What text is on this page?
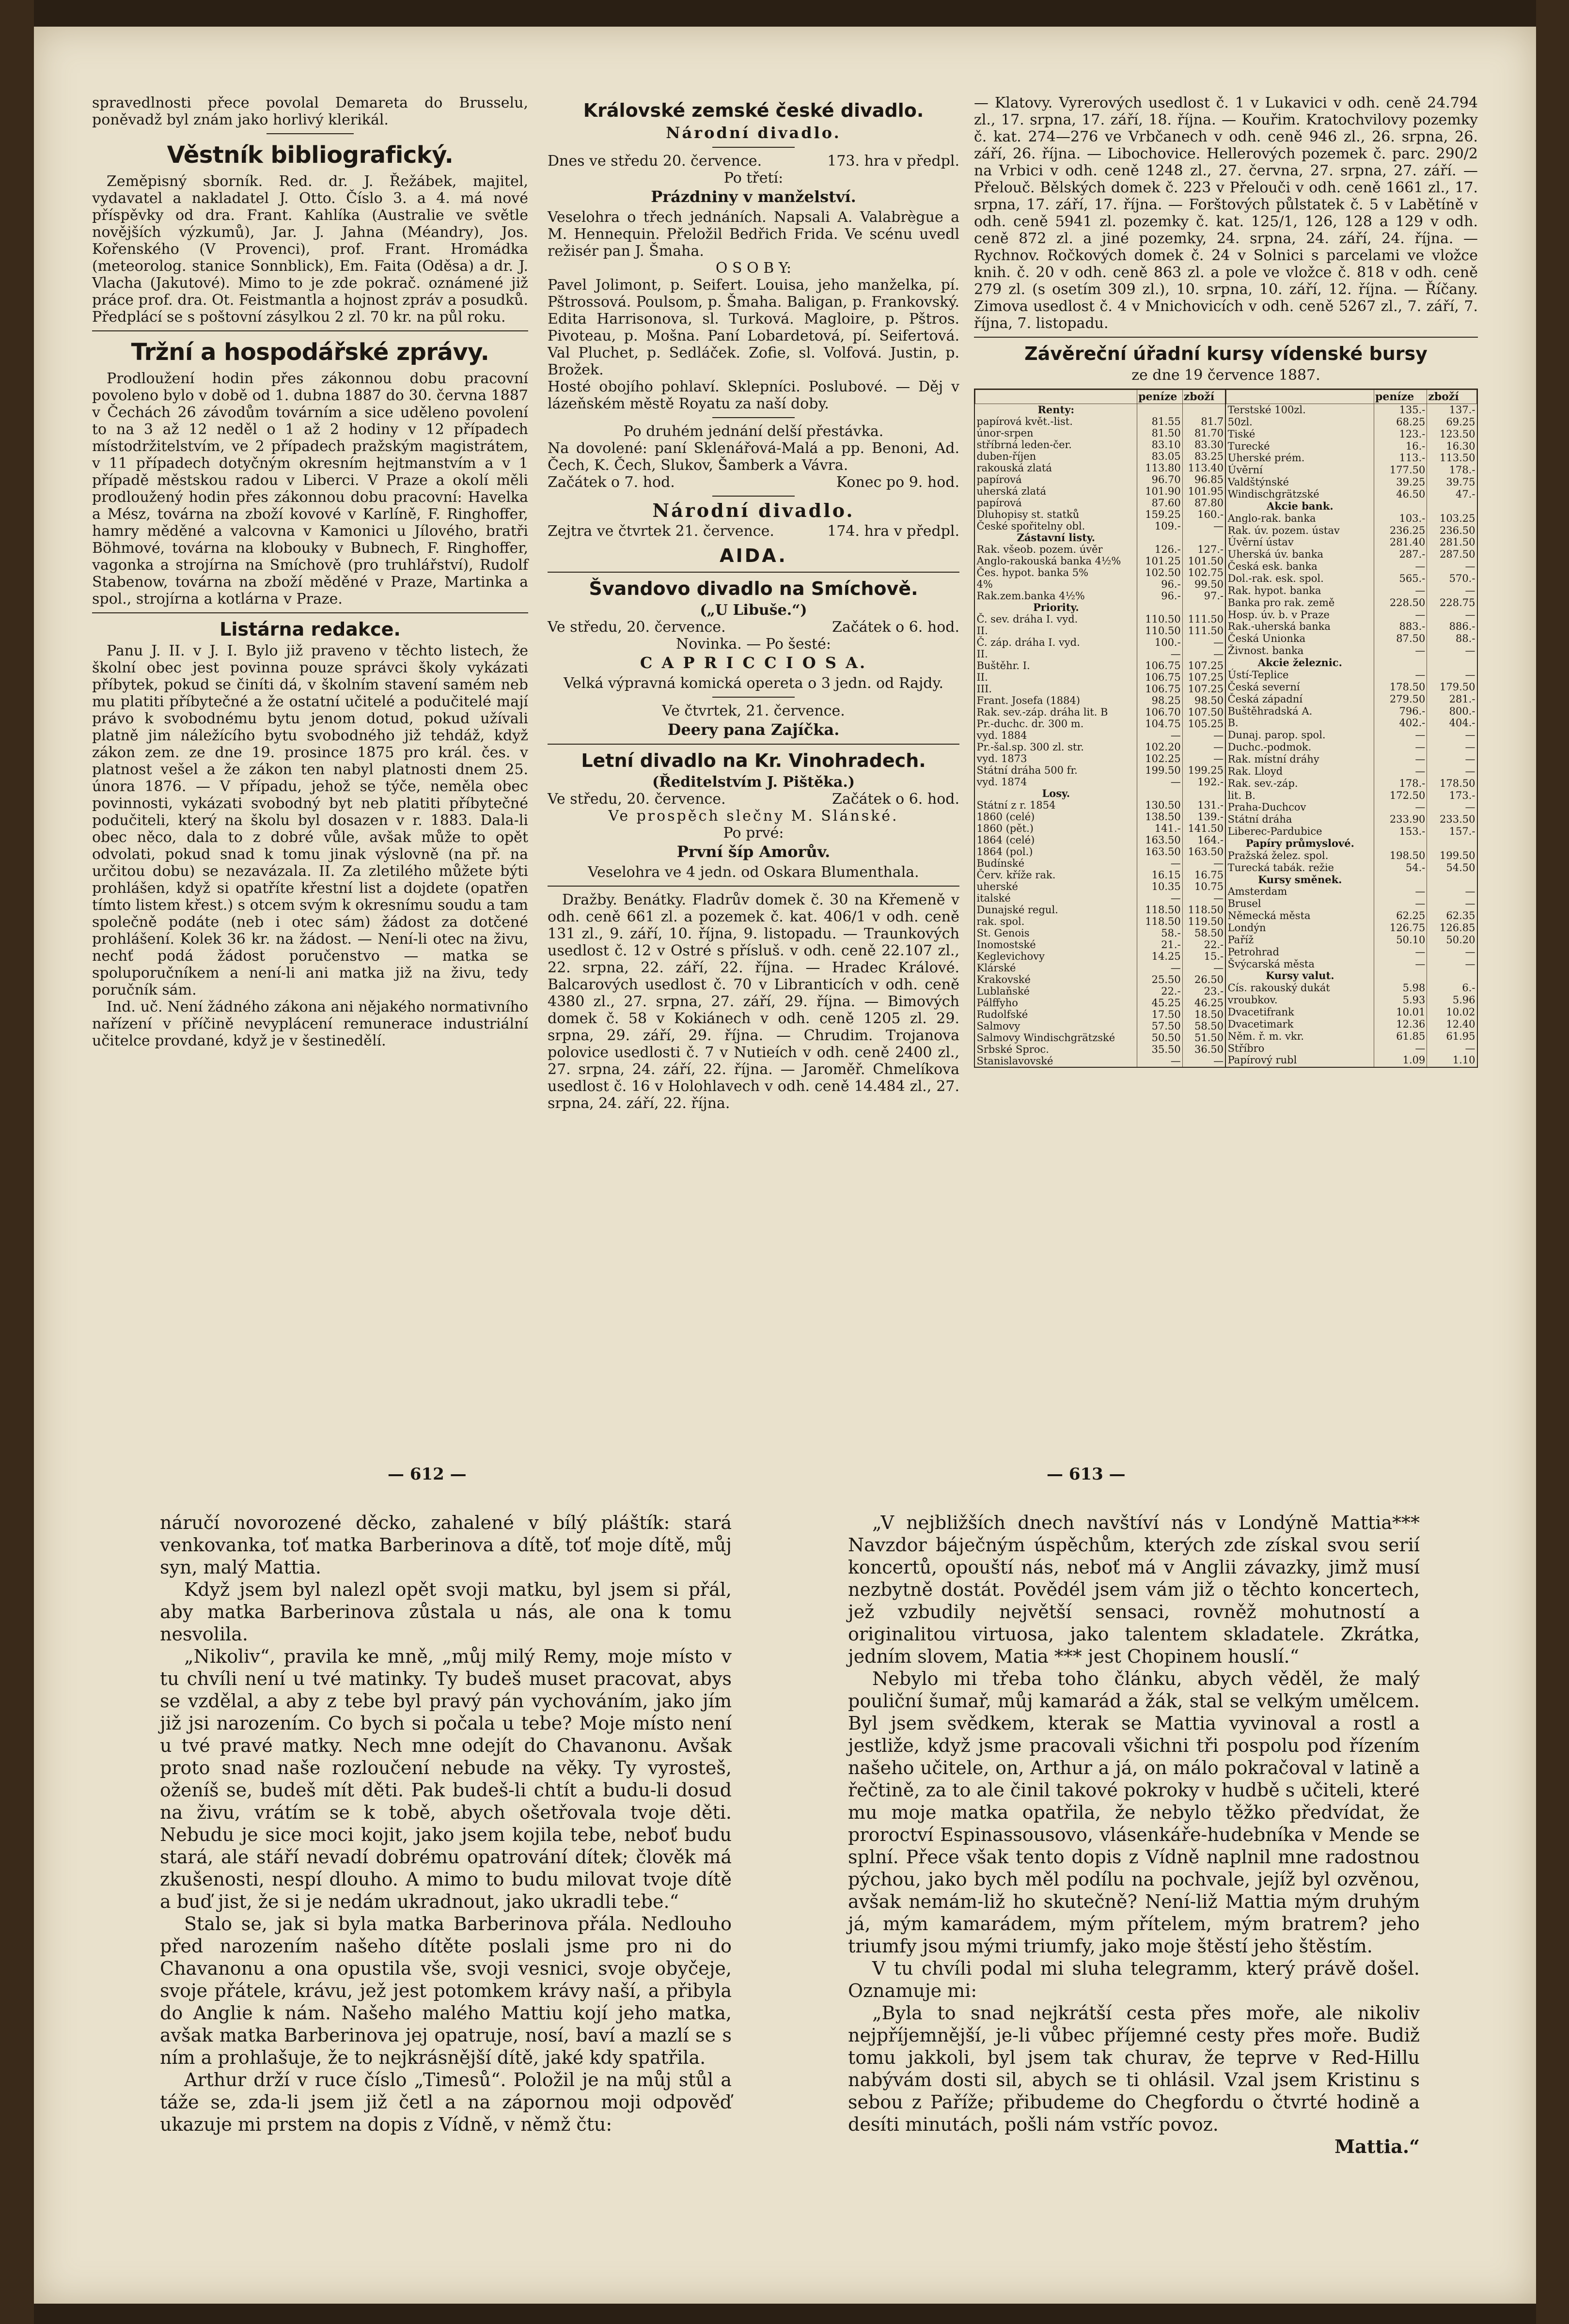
spravedlnosti přece povolal Demareta do Brusselu, poněvadž byl znám jako horlivý klerikál.

Věstník bibliografický.

Zeměpisný sborník. Red. dr. J. Řežábek, majitel, vydavatel a nakladatel J. Otto. Číslo 3. a 4. má nové příspěvky od dra. Frant. Kahlíka (Australie ve světle novějších výzkumů), Jar. J. Jahna (Méandry), Jos. Kořenského (V Provenci), prof. Frant. Hromádka (meteorolog. stanice Sonnblick), Em. Faita (Oděsa) a dr. J. Vlacha (Jakutové). Mimo to je zde pokrač. oznámené již práce prof. dra. Ot. Feistmantla a hojnost zpráv a posudků. Předplácí se s poštovní zásylkou 2 zl. 70 kr. na půl roku.

Tržní a hospodářské zprávy.

Prodloužení hodin přes zákonnou dobu pracovní povoleno bylo v době od 1. dubna 1887 do 30. června 1887 v Čechách 26 závodům továrním a sice uděleno povolení to na 3 až 12 neděl o 1 až 2 hodiny v 12 případech místodržitelstvím, ve 2 případech pražským magistrátem, v 11 případech dotyčným okresním hejtmanstvím a v 1 případě městskou radou v Liberci. V Praze a okolí měli prodloužený hodin přes zákonnou dobu pracovní: Havelka a Mész, továrna na zboží kovové v Karlíně, F. Ringhoffer, hamry měděné a valcovna v Kamonici u Jílového, bratři Böhmové, továrna na klobouky v Bubnech, F. Ringhoffer, vagonka a strojírna na Smíchově (pro truhlářství), Rudolf Stabenow, továrna na zboží měděné v Praze, Martinka a spol., strojírna a kotlárna v Praze.

Listárna redakce.

Panu J. II. v J. I. Bylo již praveno v těchto listech, že školní obec jest povinna pouze správci školy vykázati příbytek, pokud se činíti dá, v školním stavení samém neb mu platiti příbytečné a že ostatní učitelé a podučitelé mají právo k svobodnému bytu jenom dotud, pokud užívali platně jim náležícího bytu svobodného již tehdáž, když zákon zem. ze dne 19. prosince 1875 pro král. čes. v platnost vešel a že zákon ten nabyl platnosti dnem 25. února 1876. — V případu, jehož se týče, neměla obec povinnosti, vykázati svobodný byt neb platiti příbytečné podučiteli, který na školu byl dosazen v r. 1883. Dala-li obec něco, dala to z dobré vůle, avšak může to opět odvolati, pokud snad k tomu jinak výslovně (na př. na určitou dobu) se nezavázala. II. Za zletilého můžete býti prohlášen, když si opatříte křestní list a dojdete (opatřen tímto listem křest.) s otcem svým k okresnímu soudu a tam společně podáte (neb i otec sám) žádost za dotčené prohlášení. Kolek 36 kr. na žádost. — Není-li otec na živu, nechť podá žádost poručenstvo — matka se spoluporučníkem a není-li ani matka již na živu, tedy poručník sám.

Ind. uč. Není žádného zákona ani nějakého normativního nařízení v příčině nevyplácení remunerace industriální učitelce provdané, když je v šestinedělí.

Královské zemské české divadlo.
Národní divadlo.
Dnes ve středu 20. července.	173. hra v předpl.
Po třetí:
Prázdniny v manželství.

Veselohra o třech jednáních. Napsali A. Valabrègue a M. Hennequin. Přeložil Bedřich Frida. Ve scénu uvedl režisér pan J. Šmaha.

O S O B Y:

Pavel Jolimont, p. Seifert. Louisa, jeho manželka, pí. Pštrossová. Poulsom, p. Šmaha. Baligan, p. Frankovský. Edita Harrisonova, sl. Turková. Magloire, p. Pštros. Pivoteau, p. Mošna. Paní Lobardetová, pí. Seifertová. Val Pluchet, p. Sedláček. Zofie, sl. Volfová. Justin, p. Brožek.

Hosté obojího pohlaví. Sklepníci. Poslubové. — Děj v lázeňském městě Royatu za naší doby.

Po druhém jednání delší přestávka.

Na dovolené: paní Sklenářová-Malá a pp. Benoni, Ad. Čech, K. Čech, Slukov, Šamberk a Vávra.

Začátek o 7. hod.	Konec po 9. hod.
Národní divadlo.
Zejtra ve čtvrtek 21. července.	174. hra v předpl.
AIDA.
Švandovo divadlo na Smíchově.
(„U Libuše.“)
Ve středu, 20. července.	Začátek o 6. hod.
Novinka. — Po šesté:
C A P R I C C I O S A.
Velká výpravná komická opereta o 3 jedn. od Rajdy.
Ve čtvrtek, 21. července.
Deery pana Zajíčka.
Letní divadlo na Kr. Vinohradech.
(Ředitelstvím J. Pištěka.)
Ve středu, 20. července.	Začátek o 6. hod.
Ve prospěch slečny M. Slánské.
Po prvé:
První šíp Amorův.
Veselohra ve 4 jedn. od Oskara Blumenthala.

Dražby. Benátky. Fladrův domek č. 30 na Křemeně v odh. ceně 661 zl. a pozemek č. kat. 406/1 v odh. ceně 131 zl., 9. září, 10. října, 9. listopadu. — Traunkových usedlost č. 12 v Ostré s přísluš. v odh. ceně 22.107 zl., 22. srpna, 22. září, 22. října. — Hradec Králové. Balcarových usedlost č. 70 v Libranticích v odh. ceně 4380 zl., 27. srpna, 27. září, 29. října. — Bimových domek č. 58 v Kokiánech v odh. ceně 1205 zl. 29. srpna, 29. září, 29. října. — Chrudim. Trojanova polovice usedlosti č. 7 v Nutieích v odh. ceně 2400 zl., 27. srpna, 24. září, 22. října. — Jaroměř. Chmelíkova usedlost č. 16 v Holohlavech v odh. ceně 14.484 zl., 27. srpna, 24. září, 22. října.

— Klatovy. Vyrerových usedlost č. 1 v Lukavici v odh. ceně 24.794 zl., 17. srpna, 17. září, 18. října. — Kouřim. Kratochvilovy pozemky č. kat. 274—276 ve Vrbčanech v odh. ceně 946 zl., 26. srpna, 26. září, 26. října. — Libochovice. Hellerových pozemek č. parc. 290/2 na Vrbici v odh. ceně 1248 zl., 27. června, 27. srpna, 27. září. — Přelouč. Bělských domek č. 223 v Přelouči v odh. ceně 1661 zl., 17. srpna, 17. září, 17. října. — Forštových půlstatek č. 5 v Labětíně v odh. ceně 5941 zl. pozemky č. kat. 125/1, 126, 128 a 129 v odh. ceně 872 zl. a jiné pozemky, 24. srpna, 24. září, 24. října. — Rychnov. Ročkových domek č. 24 v Solnici s parcelami ve vložce knih. č. 20 v odh. ceně 863 zl. a pole ve vložce č. 818 v odh. ceně 279 zl. (s osetím 309 zl.), 10. srpna, 10. září, 12. října. — Říčany. Zimova usedlost č. 4 v Mnichovicích v odh. ceně 5267 zl., 7. září, 7. října, 7. listopadu.

Závěreční úřadní kursy vídenské bursy
ze dne 19 července 1887.
	peníze	zboží
Renty:		
papírová květ.-list.	81.55	81.7
únor-srpen	81.50	81.70
stříbrná leden-čer.	83.10	83.30
duben-říjen	83.05	83.25
rakouská zlatá	113.80	113.40
papírová	96.70	96.85
uherská zlatá	101.90	101.95
papírová	87.60	87.80
Dluhopisy st. statků	159.25	160.-
České spořitelny obl.	109.-	—
Zástavní listy.		
Rak. všeob. pozem. úvěr	126.-	127.-
Anglo-rakouská banka 4½%	101.25	101.50
Čes. hypot. banka 5%	102.50	102.75
4%	96.-	99.50
Rak.zem.banka 4½%	96.-	97.-
Priority.		
Č. sev. dráha I. vyd.	110.50	111.50
II.	110.50	111.50
Č. záp. dráha I. vyd.	100.-	—
II.	—	—
Buštěhr. I.	106.75	107.25
II.	106.75	107.25
III.	106.75	107.25
Frant. Josefa (1884)	98.25	98.50
Rak. sev.-záp. dráha lit. B	106.70	107.50
Pr.-duchc. dr. 300 m.	104.75	105.25
vyd. 1884	—	—
Pr.-šal.sp. 300 zl. str.	102.20	—
vyd. 1873	102.25	—
Státní dráha 500 fr.	199.50	199.25
vyd. 1874	—	192.-
Losy.		
Státní z r. 1854	130.50	131.-
1860 (celé)	138.50	139.-
1860 (pět.)	141.-	141.50
1864 (celé)	163.50	164.-
1864 (pol.)	163.50	163.50
Budínské	—	—
Červ. kříže rak.	16.15	16.75
uherské	10.35	10.75
italské	—	—
Dunajské regul.	118.50	118.50
rak. spol.	118.50	119.50
St. Genois	58.-	58.50
Inomostské	21.-	22.-
Keglevichovy	14.25	15.-
Klárské	—	—
Krakovské	25.50	26.50
Lublaňské	22.-	23.-
Pálffyho	45.25	46.25
Rudolfské	17.50	18.50
Salmovy	57.50	58.50
Salmovy Windischgrätzské	50.50	51.50
Srbské Sproc.	35.50	36.50
Stanislavovské	—	—
	peníze	zboží
Terstské 100zl.	135.-	137.-
50zl.	68.25	69.25
Tiské	123.-	123.50
Turecké	16.-	16.30
Uherské prém.	113.-	113.50
Úvěrní	177.50	178.-
Valdštýnské	39.25	39.75
Windischgrätzské	46.50	47.-
Akcie bank.		
Anglo-rak. banka	103.-	103.25
Rak. úv. pozem. ústav	236.25	236.50
Úvěrní ústav	281.40	281.50
Uherská úv. banka	287.-	287.50
Česká esk. banka	—	—
Dol.-rak. esk. spol.	565.-	570.-
Rak. hypot. banka	—	—
Banka pro rak. země	228.50	228.75
Hosp. úv. b. v Praze	—	—
Rak.-uherská banka	883.-	886.-
Česká Unionka	87.50	88.-
Živnost. banka	—	—
Akcie železnic.		
Ústí-Teplice	—	—
Česká severní	178.50	179.50
Česká západní	279.50	281.-
Buštěhradská A.	796.-	800.-
B.	402.-	404.-
Dunaj. parop. spol.	—	—
Duchc.-podmok.	—	—
Rak. místní dráhy	—	—
Rak. Lloyd	—	—
Rak. sev.-záp.	178.-	178.50
lit. B.	172.50	173.-
Praha-Duchcov	—	—
Státní dráha	233.90	233.50
Liberec-Pardubice	153.-	157.-
Papíry průmyslové.		
Pražská želez. spol.	198.50	199.50
Turecká tabák. režie	54.-	54.50
Kursy směnek.		
Amsterdam	—	—
Brusel	—	—
Německá města	62.25	62.35
Londýn	126.75	126.85
Paříž	50.10	50.20
Petrohrad	—	—
Švýcarská města	—	—
Kursy valut.		
Cís. rakouský dukát	5.98	6.-
vroubkov.	5.93	5.96
Dvacetifrank	10.01	10.02
Dvacetimark	12.36	12.40
Něm. ř. m. vkr.	61.85	61.95
Stříbro	—	—
Papírový rubl	1.09	1.10
— 612 —	— 613 —

náručí novorozené děcko, zahalené v bílý pláštík: stará venkovanka, toť matka Barberinova a dítě, toť moje dítě, můj syn, malý Mattia.

Když jsem byl nalezl opět svoji matku, byl jsem si přál, aby matka Barberinova zůstala u nás, ale ona k tomu nesvolila.

„Nikoliv“, pravila ke mně, „můj milý Remy, moje místo v tu chvíli není u tvé matinky. Ty budeš muset pracovat, abys se vzdělal, a aby z tebe byl pravý pán vychováním, jako jím již jsi narozením. Co bych si počala u tebe? Moje místo není u tvé pravé matky. Nech mne odejít do Chavanonu. Avšak proto snad naše rozloučení nebude na věky. Ty vyrosteš, oženíš se, budeš mít děti. Pak budeš-li chtít a budu-li dosud na živu, vrátím se k tobě, abych ošetřovala tvoje děti. Nebudu je sice moci kojit, jako jsem kojila tebe, neboť budu stará, ale stáří nevadí dobrému opatrování dítek; člověk má zkušenosti, nespí dlouho. A mimo to budu milovat tvoje dítě a buď jist, že si je nedám ukradnout, jako ukradli tebe.“

Stalo se, jak si byla matka Barberinova přála. Nedlouho před narozením našeho dítěte poslali jsme pro ni do Chavanonu a ona opustila vše, svoji vesnici, svoje obyčeje, svoje přátele, krávu, jež jest potomkem krávy naší, a přibyla do Anglie k nám. Našeho malého Mattiu kojí jeho matka, avšak matka Barberinova jej opatruje, nosí, baví a mazlí se s ním a prohlašuje, že to nejkrásnější dítě, jaké kdy spatřila.

Arthur drží v ruce číslo „Timesů“. Položil je na můj stůl a táže se, zda-li jsem již četl a na zápornou moji odpověď ukazuje mi prstem na dopis z Vídně, v němž čtu:

„V nejbližších dnech navštíví nás v Londýně Mattia*** Navzdor báječným úspěchům, kterých zde získal svou serií koncertů, opouští nás, neboť má v Anglii závazky, jimž musí nezbytně dostát. Povědél jsem vám již o těchto koncertech, jež vzbudily největší sensaci, rovněž mohutností a originalitou virtuosa, jako talentem skladatele. Zkrátka, jedním slovem, Matia *** jest Chopinem houslí.“

Nebylo mi třeba toho článku, abych věděl, že malý pouliční šumař, můj kamarád a žák, stal se velkým umělcem. Byl jsem svědkem, kterak se Mattia vyvinoval a rostl a jestliže, když jsme pracovali všichni tři pospolu pod řízením našeho učitele, on, Arthur a já, on málo pokračoval v latině a řečtině, za to ale činil takové pokroky v hudbě s učiteli, které mu moje matka opatřila, že nebylo těžko předvídat, že proroctví Espinassousovo, vlásenkáře-hudebníka v Mende se splní. Přece však tento dopis z Vídně naplnil mne radostnou pýchou, jako bych měl podílu na pochvale, jejíž byl ozvěnou, avšak nemám-liž ho skutečně? Není-liž Mattia mým druhým já, mým kamarádem, mým přítelem, mým bratrem? jeho triumfy jsou mými triumfy, jako moje štěstí jeho štěstím.

V tu chvíli podal mi sluha telegramm, který právě došel. Oznamuje mi:

„Byla to snad nejkrátší cesta přes moře, ale nikoliv nejpříjemnější, je-li vůbec příjemné cesty přes moře. Budiž tomu jakkoli, byl jsem tak churav, že teprve v Red-Hillu nabývám dosti sil, abych se ti ohlásil. Vzal jsem Kristinu s sebou z Paříže; přibudeme do Chegfordu o čtvrté hodině a desíti minutách, pošli nám vstříc povoz.

Mattia.“
